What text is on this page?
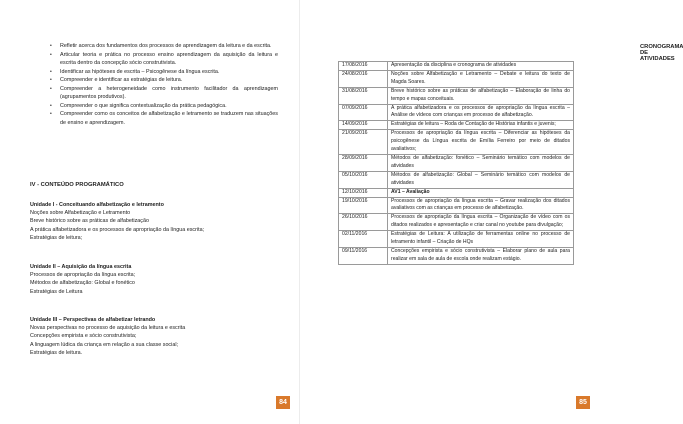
• Refletir acerca dos fundamentos dos processos de aprendizagem da leitura e da escrita.
• Articular teoria e prática no processo ensino aprendizagem da aquisição da leitura e escrita dentro da concepção sócio construtivista.
• Identificar as hipóteses de escrita – Psicogênese da língua escrita.
• Compreender e identificar as estratégias de leitura.
• Compreender a heterogeneidade como instrumento facilitador da aprendizagem (agrupamentos produtivos).
• Compreender o que significa contextualização da prática pedagógica.
• Compreender como os conceitos de alfabetização e letramento se traduzem nas situações de ensino e aprendizagem.
IV - CONTEÚDO PROGRAMÁTICO
Unidade I - Conceituando alfabetização e letramento
Noções sobre Alfabetização e Letramento
Breve histórico sobre as práticas de alfabetização
A prática alfabetizadora e os processos de apropriação da língua escrita;
Estratégias de leitura;
Unidade II – Aquisição da língua escrita
Processos de apropriação da língua escrita;
Métodos de alfabetização: Global e fonético
Estratégias de Leitura
Unidade III – Perspectivas de alfabetizar letrando
Novas perspectivas no processo de aquisição da leitura e escrita
Concepções empirista e sócio construtivista;
A linguagem lúdica da criança em relação a sua classe social;
Estratégias de leitura.
84
CRONOGRAMA DE ATIVIDADES
17/08/2016	Apresentação da disciplina e cronograma de atividades
24/08/2016	Noções sobre Alfabetização e Letramento – Debate e leitura do texto de Magda Soares.
31/08/2016	Breve histórico sobre as práticas de alfabetização – Elaboração de linha do tempo e mapas conceituais.
07/09/2016	A prática alfabetizadora e os processos de apropriação da língua escrita – Análise de vídeos com crianças em processo de alfabetização.
14/09/2016	Estratégias de leitura – Roda de Contação de Histórias infantis e juvenis;
21/09/2016	Processos de apropriação da língua escrita – Diferenciar as hipóteses da psicogênese da Língua escrita de Emília Ferreiro por meio de ditados avaliativos;
28/09/2016	Métodos de alfabetização: fonético – Seminário temático com modelos de atividades
05/10/2016	Métodos de alfabetização: Global – Seminário temático com modelos de atividades
12/10/2016	AV1 – Avaliação
19/10/2016	Processos de apropriação da língua escrita – Gravar realização dos ditados avaliativos com as crianças em processo de alfabetização.
26/10/2016	Processos de apropriação da língua escrita – Organização de vídeo com os ditados realizados e apresentação e criar canal no youtube para divulgação;
02/11/2016	Estratégias de Leitura: A utilização de ferramentas online no processo de letramento infantil – Criação de HQs
09/11/2016	Concepções empirista e sócio construtivista – Elaborar plano de aula para realizar em sala de aula de escola onde realizam estágio.
85
